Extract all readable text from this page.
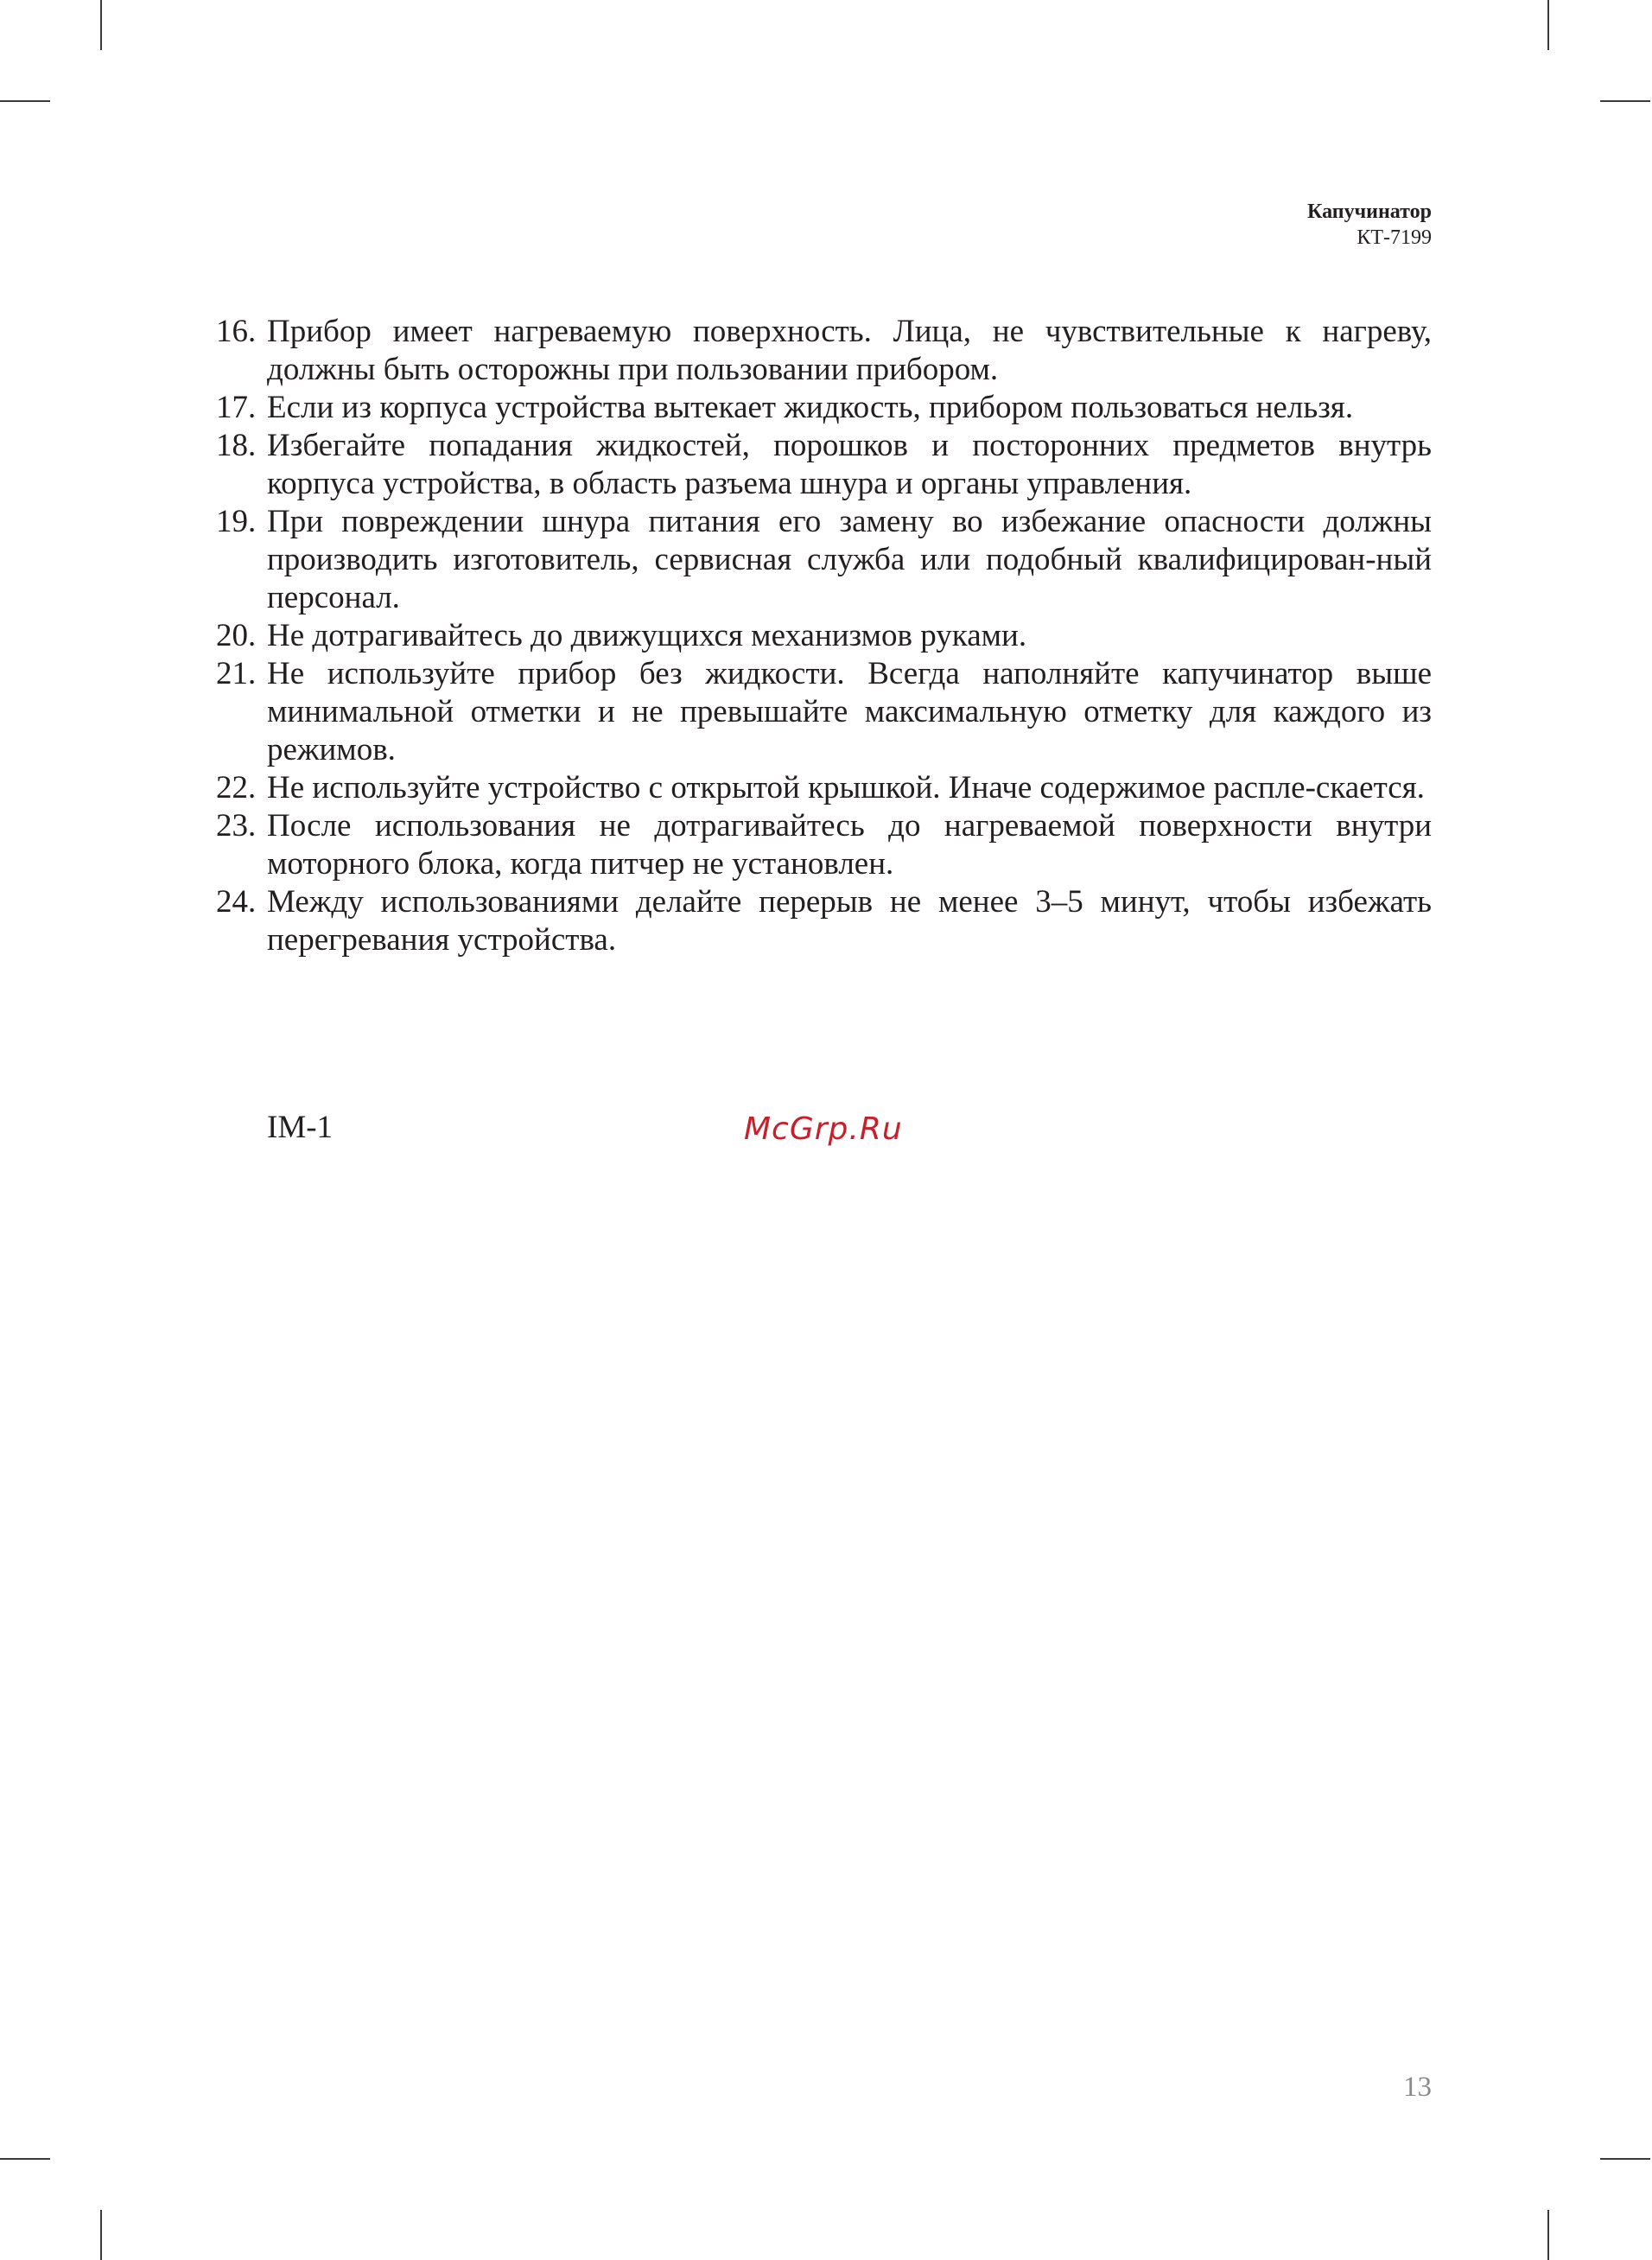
Капучинатор
КТ-7199
16. Прибор имеет нагреваемую поверхность. Лица, не чувствительные к нагреву, должны быть осторожны при пользовании прибором.
17. Если из корпуса устройства вытекает жидкость, прибором пользоваться нельзя.
18. Избегайте попадания жидкостей, порошков и посторонних предметов внутрь корпуса устройства, в область разъема шнура и органы управления.
19. При повреждении шнура питания его замену во избежание опасности должны производить изготовитель, сервисная служба или подобный квалифицирован-ный персонал.
20. Не дотрагивайтесь до движущихся механизмов руками.
21. Не используйте прибор без жидкости. Всегда наполняйте капучинатор выше минимальной отметки и не превышайте максимальную отметку для каждого из режимов.
22. Не используйте устройство с открытой крышкой. Иначе содержимое распле-скается.
23. После использования не дотрагивайтесь до нагреваемой поверхности внутри моторного блока, когда питчер не установлен.
24. Между использованиями делайте перерыв не менее 3–5 минут, чтобы избежать перегревания устройства.
IM-1	McGrp.Ru
13
